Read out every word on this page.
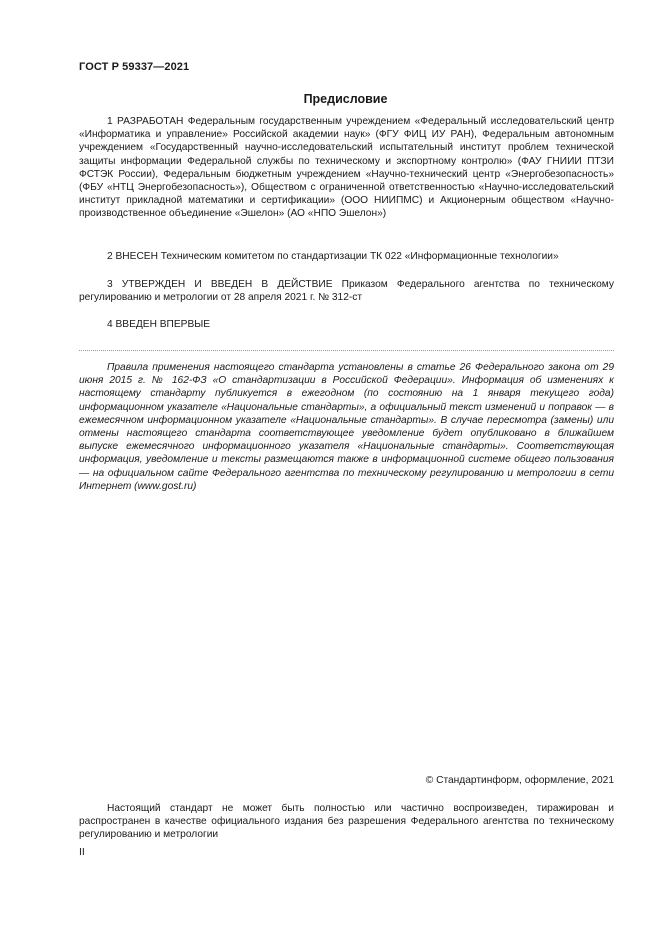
ГОСТ Р 59337—2021
Предисловие
1 РАЗРАБОТАН Федеральным государственным учреждением «Федеральный исследовательский центр «Информатика и управление» Российской академии наук» (ФГУ ФИЦ ИУ РАН), Федеральным автономным учреждением «Государственный научно-исследовательский испытательный институт проблем технической защиты информации Федеральной службы по техническому и экспортному контролю» (ФАУ ГНИИИ ПТЗИ ФСТЭК России), Федеральным бюджетным учреждением «Научно-технический центр «Энергобезопасность» (ФБУ «НТЦ Энергобезопасность»), Обществом с ограниченной ответственностью «Научно-исследовательский институт прикладной математики и сертификации» (ООО НИИПМС) и Акционерным обществом «Научно-производственное объединение «Эшелон» (АО «НПО Эшелон»)
2 ВНЕСЕН Техническим комитетом по стандартизации ТК 022 «Информационные технологии»
3 УТВЕРЖДЕН И ВВЕДЕН В ДЕЙСТВИЕ Приказом Федерального агентства по техническому регулированию и метрологии от 28 апреля 2021 г. № 312-ст
4 ВВЕДЕН ВПЕРВЫЕ
Правила применения настоящего стандарта установлены в статье 26 Федерального закона от 29 июня 2015 г. № 162-ФЗ «О стандартизации в Российской Федерации». Информация об изменениях к настоящему стандарту публикуется в ежегодном (по состоянию на 1 января текущего года) информационном указателе «Национальные стандарты», а официальный текст изменений и поправок — в ежемесячном информационном указателе «Национальные стандарты». В случае пересмотра (замены) или отмены настоящего стандарта соответствующее уведомление будет опубликовано в ближайшем выпуске ежемесячного информационного указателя «Национальные стандарты». Соответствующая информация, уведомление и тексты размещаются также в информационной системе общего пользования — на официальном сайте Федерального агентства по техническому регулированию и метрологии в сети Интернет (www.gost.ru)
© Стандартинформ, оформление, 2021
Настоящий стандарт не может быть полностью или частично воспроизведен, тиражирован и распространен в качестве официального издания без разрешения Федерального агентства по техническому регулированию и метрологии
II
